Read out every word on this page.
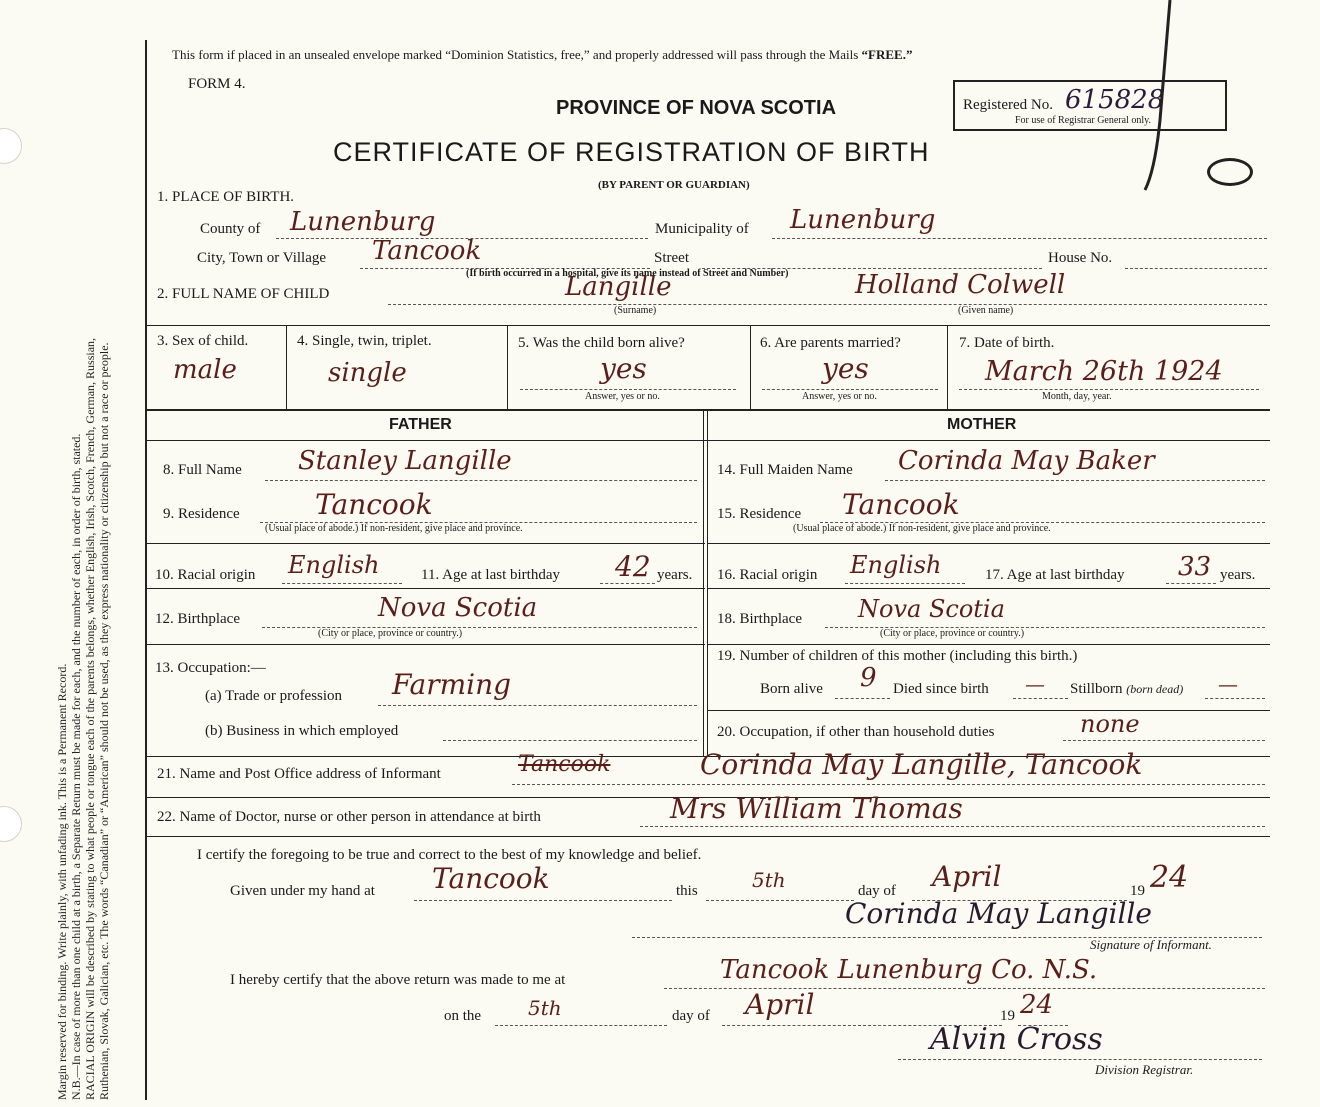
Margin reserved for binding. Write plainly, with unfading ink. This is a Permanent Record. N.B.—In case of more than one child at a birth, a Separate Return must be made for each, and the number of each, in order of birth, stated. RACIAL ORIGIN will be described by stating to what people or tongue each of the parents belongs, whether English, Irish, Scotch, French, German, Russian, Ruthenian, Slovak, Galician, etc. The words “Canadian” or “American” should not be used, as they express nationality or citizenship but not a race or people.
This form if placed in an unsealed envelope marked “Dominion Statistics, free,” and properly addressed will pass through the Mails “FREE.”
FORM 4.
PROVINCE OF NOVA SCOTIA
CERTIFICATE OF REGISTRATION OF BIRTH
(BY PARENT OR GUARDIAN)
Registered No. 615828
For use of Registrar General only.
1. PLACE OF BIRTH.
County of Lunenburg	Municipality of Lunenburg
City, Town or Village Tancook	Street	House No.
(If birth occurred in a hospital, give its name instead of Street and Number)
2. FULL NAME OF CHILD	Langille	Holland Colwell
(Surname)	(Given name)
3. Sex of child.
male
4. Single, twin, triplet.
single
5. Was the child born alive?
yes
Answer, yes or no.
6. Are parents married?
yes
Answer, yes or no.
7. Date of birth.
March 26th 1924
Month, day, year.
FATHER	MOTHER
8. Full Name Stanley Langille
9. Residence	Tancook
(Usual place of abode.) If non-resident, give place and province.
10. Racial origin English	11. Age at last birthday 42 years.
12. Birthplace	Nova Scotia
(City or place, province or country.)
13. Occupation:—
(a) Trade or profession Farming
(b) Business in which employed
14. Full Maiden Name Corinda May Baker
15. Residence Tancook
(Usual place of abode.) If non-resident, give place and province.
16. Racial origin English	17. Age at last birthday 33 years.
18. Birthplace Nova Scotia
(City or place, province or country.)
19. Number of children of this mother (including this birth.)
Born alive 9 Died since birth — Stillborn (born dead) —
20. Occupation, if other than household duties	none
21. Name and Post Office address of Informant	Corinda May Langille, Tancook
Tancook
22. Name of Doctor, nurse or other person in attendance at birth	Mrs William Thomas
I certify the foregoing to be true and correct to the best of my knowledge and belief.
Given under my hand at Tancook	this	5th	day of April	19 24
Corinda May Langille
Signature of Informant.
I hereby certify that the above return was made to me at	Tancook Lunenburg Co. N.S.
on the 5th	day of April	19 24
Alvin Cross
Division Registrar.
